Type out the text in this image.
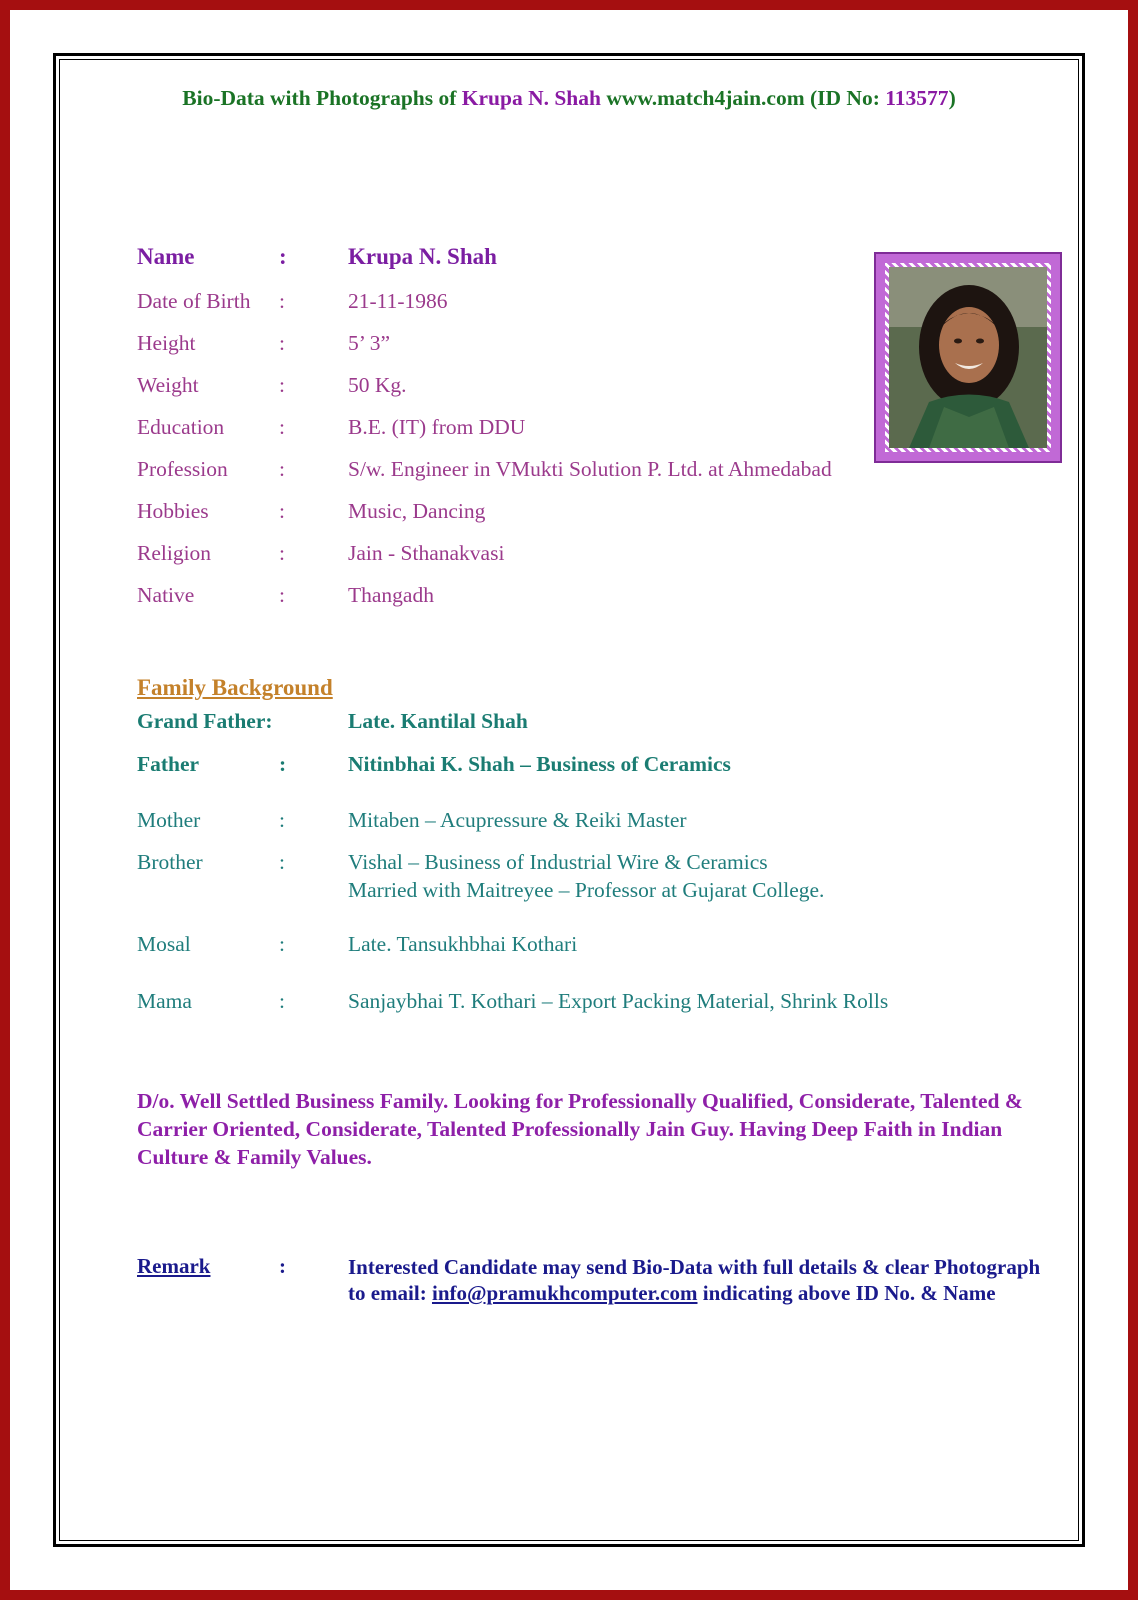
Bio-Data with Photographs of Krupa N. Shah www.match4jain.com (ID No: 113577)
Name	:	Krupa N. Shah
Date of Birth :	21-11-1986
Height	:	5’ 3”
Weight	:	50 Kg.
Education	:	B.E. (IT) from DDU
Profession :	S/w. Engineer in VMukti Solution P. Ltd. at Ahmedabad
Hobbies	:	Music, Dancing
Religion	:	Jain - Sthanakvasi
Native	:	Thangadh
Family Background
Grand Father:	Late. Kantilal Shah
Father	:	Nitinbhai K. Shah – Business of Ceramics
Mother	:	Mitaben – Acupressure & Reiki Master
Brother	:	Vishal – Business of Industrial Wire & Ceramics
Married with Maitreyee – Professor at Gujarat College.
Mosal	:	Late. Tansukhbhai Kothari
Mama	:	Sanjaybhai T. Kothari – Export Packing Material, Shrink Rolls
D/o. Well Settled Business Family. Looking for Professionally Qualified, Considerate, Talented & Carrier Oriented, Considerate, Talented Professionally Jain Guy. Having Deep Faith in Indian Culture & Family Values.
Remark	:	Interested Candidate may send Bio-Data with full details & clear Photograph to email: info@pramukhcomputer.com indicating above ID No. & Name
